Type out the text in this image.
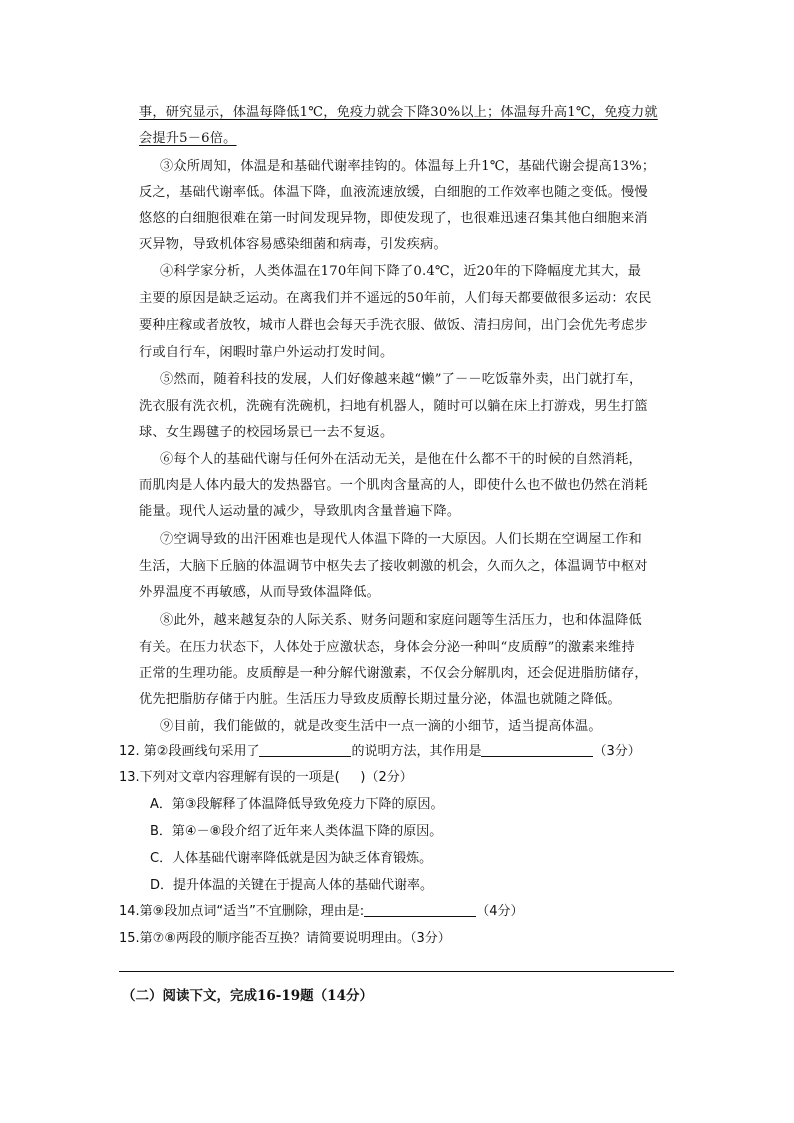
事，研究显示，体温每降低1℃，免疫力就会下降30%以上；体温每升高1℃，免疫力就
会提升5－6倍。
③众所周知，体温是和基础代谢率挂钩的。体温每上升1℃，基础代谢会提高13%；
反之，基础代谢率低。体温下降，血液流速放缓，白细胞的工作效率也随之变低。慢慢
悠悠的白细胞很难在第一时间发现异物，即使发现了，也很难迅速召集其他白细胞来消
灭异物，导致机体容易感染细菌和病毒，引发疾病。
④科学家分析，人类体温在170年间下降了0.4℃，近20年的下降幅度尤其大，最
主要的原因是缺乏运动。在离我们并不遥远的50年前，人们每天都要做很多运动：农民
要种庄稼或者放牧，城市人群也会每天手洗衣服、做饭、清扫房间，出门会优先考虑步
行或自行车，闲暇时靠户外运动打发时间。
⑤然而，随着科技的发展，人们好像越来越“懒”了－－吃饭靠外卖，出门就打车，
洗衣服有洗衣机，洗碗有洗碗机，扫地有机器人，随时可以躺在床上打游戏，男生打篮
球、女生踢毽子的校园场景已一去不复返。
⑥每个人的基础代谢与任何外在活动无关，是他在什么都不干的时候的自然消耗，
而肌肉是人体内最大的发热器官。一个肌肉含量高的人，即使什么也不做也仍然在消耗
能量。现代人运动量的减少，导致肌肉含量普遍下降。
⑦空调导致的出汗困难也是现代人体温下降的一大原因。人们长期在空调屋工作和
生活，大脑下丘脑的体温调节中枢失去了接收刺激的机会，久而久之，体温调节中枢对
外界温度不再敏感，从而导致体温降低。
⑧此外，越来越复杂的人际关系、财务问题和家庭问题等生活压力，也和体温降低
有关。在压力状态下，人体处于应激状态，身体会分泌一种叫“皮质醇”的激素来维持
正常的生理功能。皮质醇是一种分解代谢激素，不仅会分解肌肉，还会促进脂肪储存，
优先把脂肪存储于内脏。生活压力导致皮质醇长期过量分泌，体温也就随之降低。
⑨目前，我们能做的，就是改变生活中一点一滴的小细节，适当提高体温。
12. 第②段画线句采用了	的说明方法，其作用是	（3分）
13.下列对文章内容理解有误的一项是( )（2分）
A．第③段解释了体温降低导致免疫力下降的原因。
B．第④－⑧段介绍了近年来人类体温下降的原因。
C．人体基础代谢率降低就是因为缺乏体育锻炼。
D．提升体温的关键在于提高人体的基础代谢率。
14.第⑨段加点词“适当”不宜删除，理由是:	（4分）
15.第⑦⑧两段的顺序能否互换？请简要说明理由。（3分）
（二）阅读下文，完成16-19题（14分）
